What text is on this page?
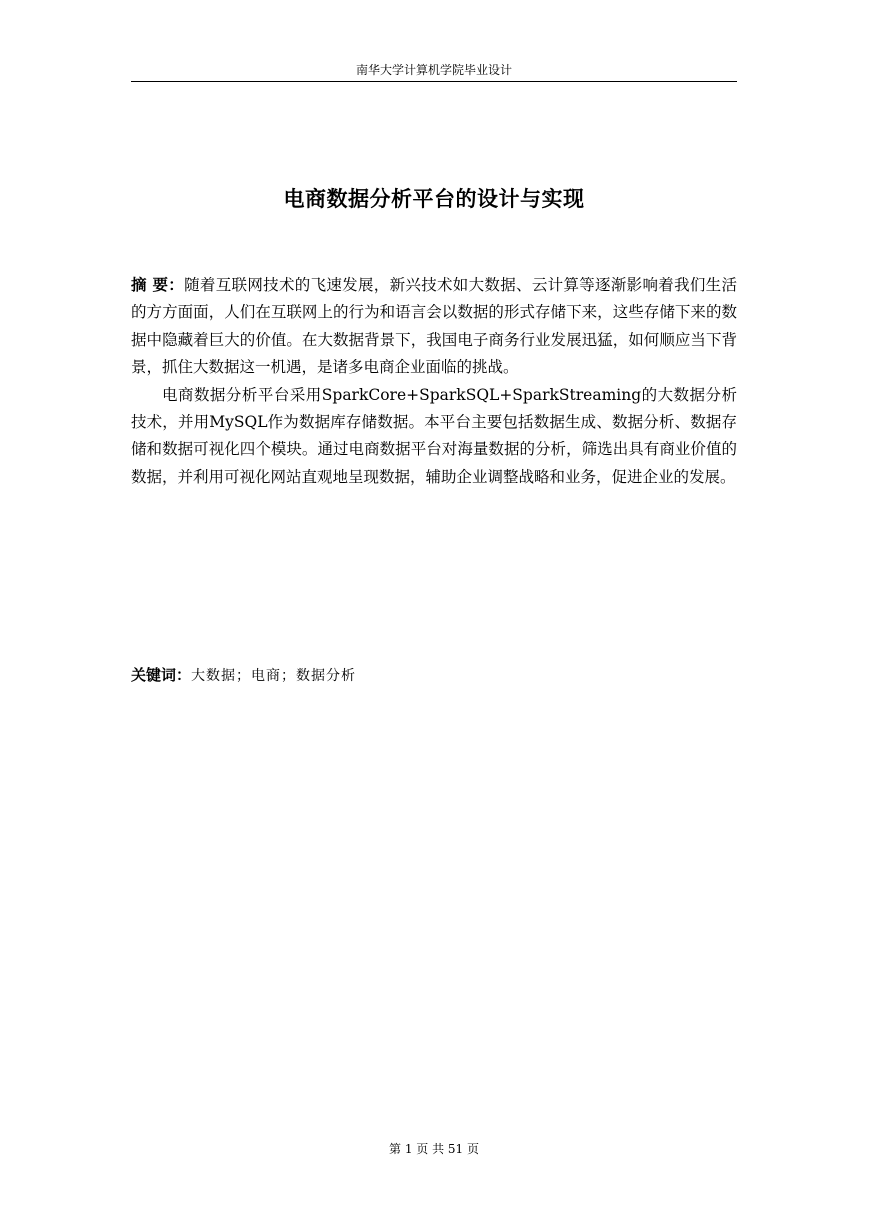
南华大学计算机学院毕业设计
电商数据分析平台的设计与实现

摘 要：随着互联网技术的飞速发展，新兴技术如大数据、云计算等逐渐影响着我们生活的方方面面，人们在互联网上的行为和语言会以数据的形式存储下来，这些存储下来的数据中隐藏着巨大的价值。在大数据背景下，我国电子商务行业发展迅猛，如何顺应当下背景，抓住大数据这一机遇，是诸多电商企业面临的挑战。

电商数据分析平台采用SparkCore+SparkSQL+SparkStreaming的大数据分析技术，并用MySQL作为数据库存储数据。本平台主要包括数据生成、数据分析、数据存储和数据可视化四个模块。通过电商数据平台对海量数据的分析，筛选出具有商业价值的数据，并利用可视化网站直观地呈现数据，辅助企业调整战略和业务，促进企业的发展。

关键词：大数据；电商；数据分析
第 1 页 共 51 页
